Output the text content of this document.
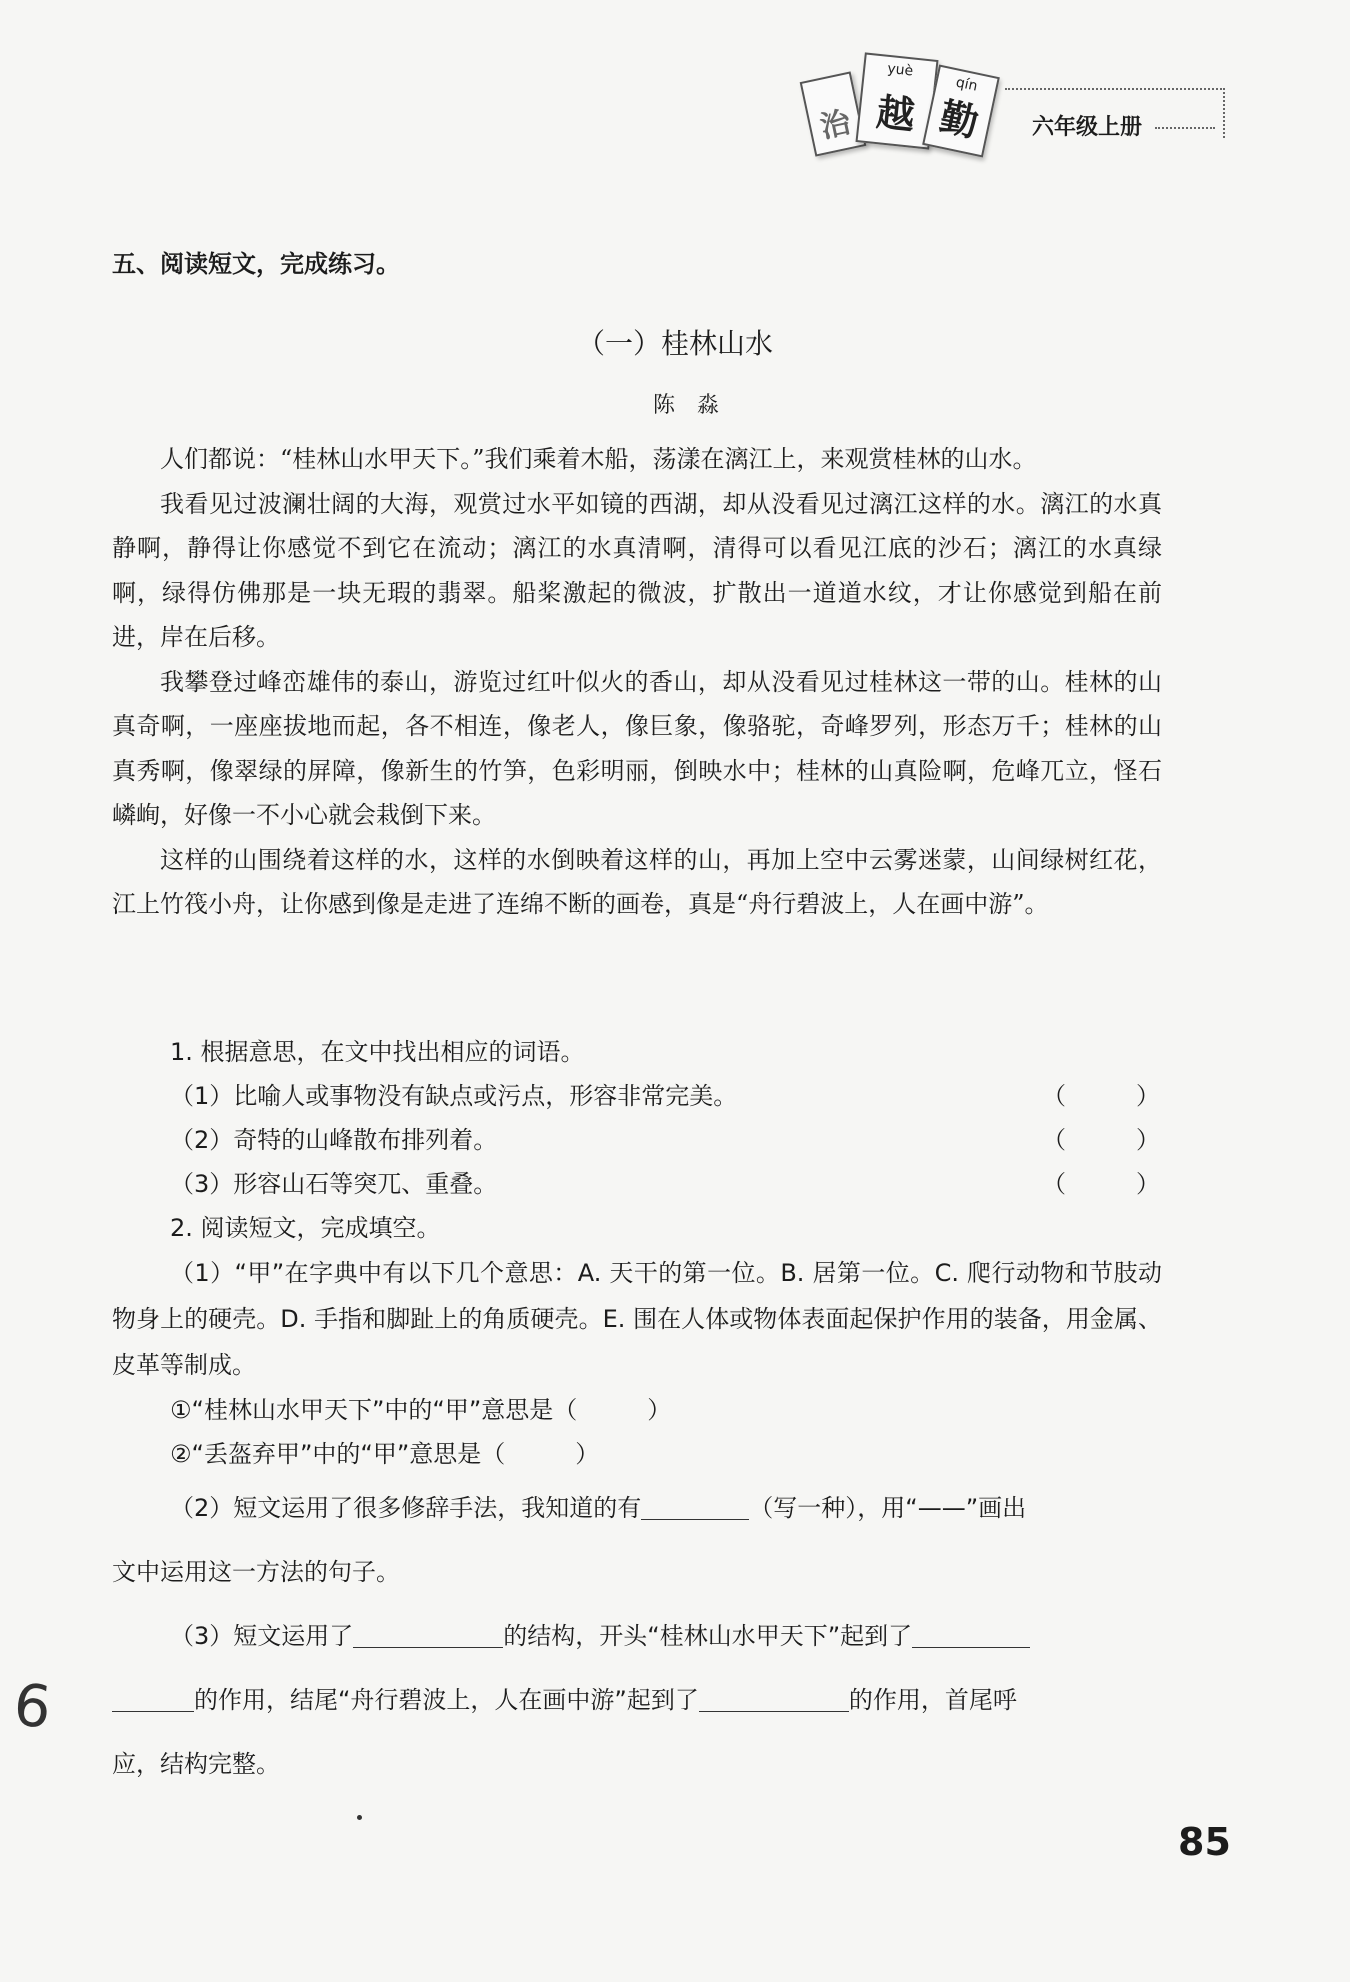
治
yuè
越
qín
勤	六年级上册
五、阅读短文，完成练习。
（一）桂林山水
陈淼

人们都说：“桂林山水甲天下。”我们乘着木船，荡漾在漓江上，来观赏桂林的山水。

我看见过波澜壮阔的大海，观赏过水平如镜的西湖，却从没看见过漓江这样的水。漓江的水真静啊，静得让你感觉不到它在流动；漓江的水真清啊，清得可以看见江底的沙石；漓江的水真绿啊，绿得仿佛那是一块无瑕的翡翠。船桨激起的微波，扩散出一道道水纹，才让你感觉到船在前进，岸在后移。

我攀登过峰峦雄伟的泰山，游览过红叶似火的香山，却从没看见过桂林这一带的山。桂林的山真奇啊，一座座拔地而起，各不相连，像老人，像巨象，像骆驼，奇峰罗列，形态万千；桂林的山真秀啊，像翠绿的屏障，像新生的竹笋，色彩明丽，倒映水中；桂林的山真险啊，危峰兀立，怪石嶙峋，好像一不小心就会栽倒下来。

这样的山围绕着这样的水，这样的水倒映着这样的山，再加上空中云雾迷蒙，山间绿树红花，江上竹筏小舟，让你感到像是走进了连绵不断的画卷，真是“舟行碧波上，人在画中游”。

1. 根据意思，在文中找出相应的词语。
（1）比喻人或事物没有缺点或污点，形容非常完美。	（	）
（2）奇特的山峰散布排列着。	（	）
（3）形容山石等突兀、重叠。	（	）
2. 阅读短文，完成填空。

（1）“甲”在字典中有以下几个意思：A. 天干的第一位。B. 居第一位。C. 爬行动物和节肢动物身上的硬壳。D. 手指和脚趾上的角质硬壳。E. 围在人体或物体表面起保护作用的装备，用金属、皮革等制成。

①“桂林山水甲天下”中的“甲”意思是（	）
②“丢盔弃甲”中的“甲”意思是（	）
（2）短文运用了很多修辞手法，我知道的有	（写一种），用“——”画出
文中运用这一方法的句子。
（3）短文运用了	的结构，开头“桂林山水甲天下”起到了
的作用，结尾“舟行碧波上，人在画中游”起到了	的作用，首尾呼
应，结构完整。
6
85
